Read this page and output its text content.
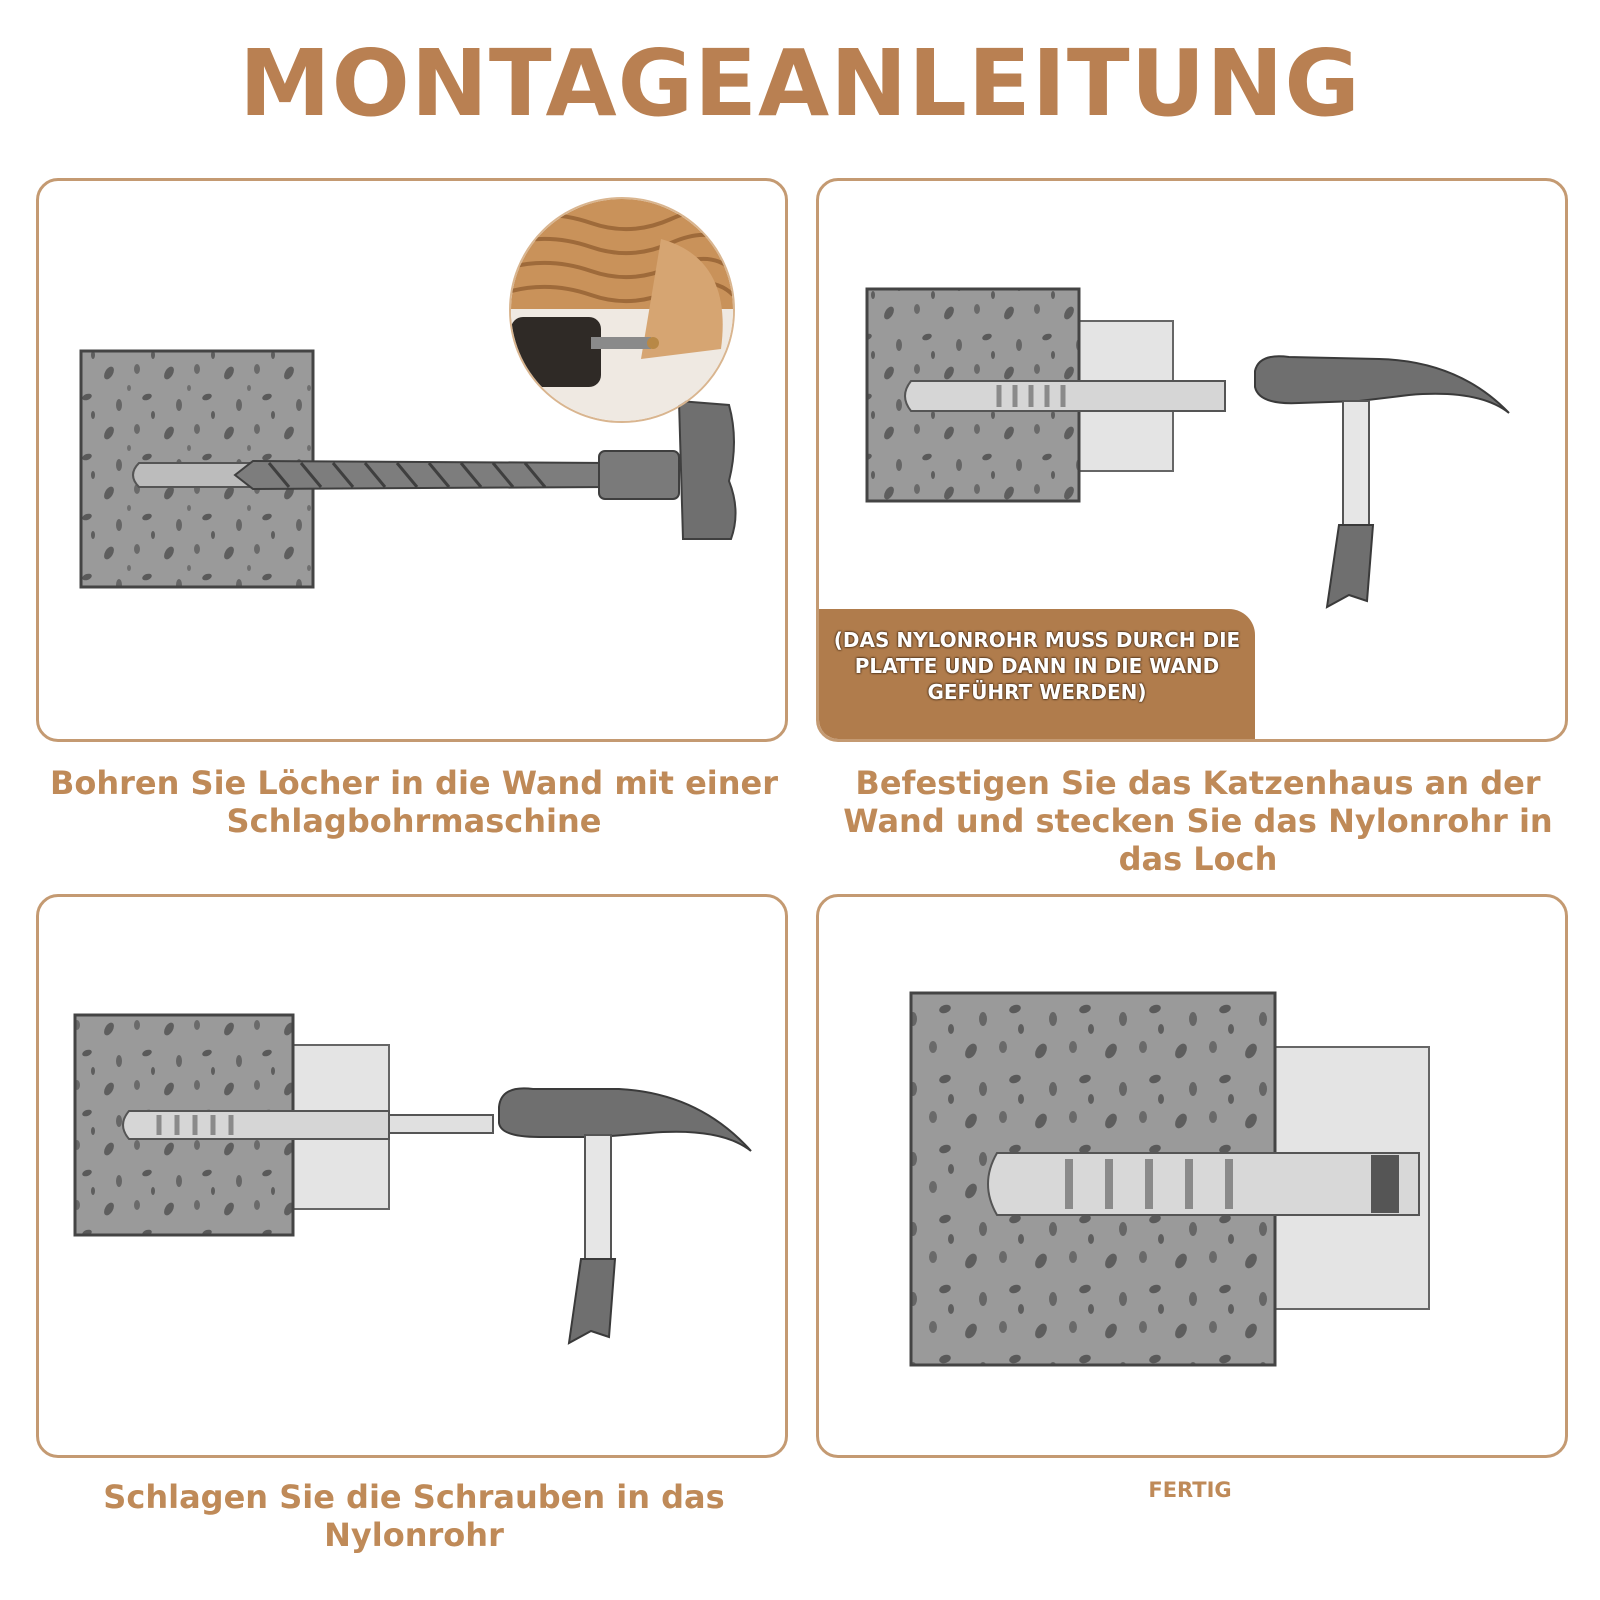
MONTAGEANLEITUNG
(DAS NYLONROHR MUSS DURCH DIE PLATTE UND DANN IN DIE WAND GEFÜHRT WERDEN)

Bohren Sie Löcher in die Wand mit einer Schlagbohrmaschine

Befestigen Sie das Katzenhaus an der Wand und stecken Sie das Nylonrohr in das Loch

Schlagen Sie die Schrauben in das Nylonrohr

FERTIG
